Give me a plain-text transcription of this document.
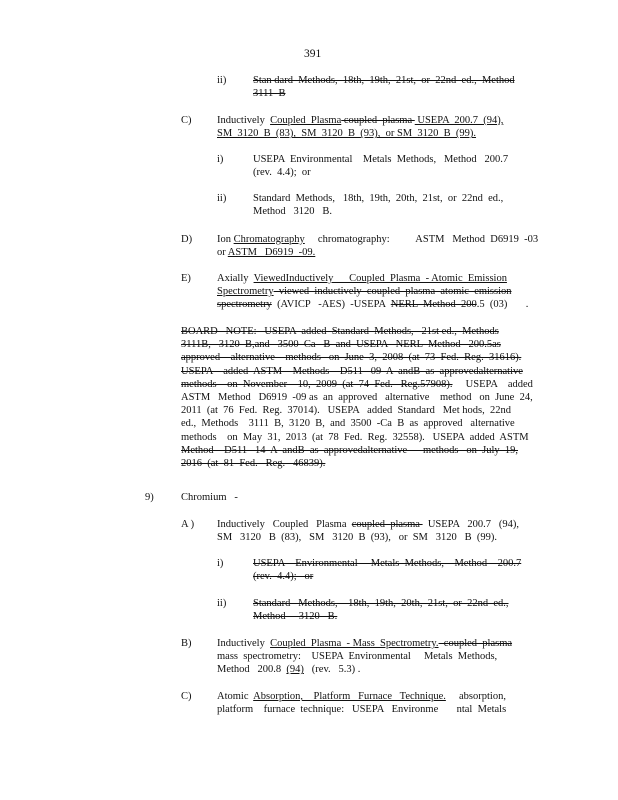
391
ii)	Stan dard  Methods,  18th,  19th,  21st,  or  22nd  ed.,  Method
3111  B
C) Inductively  Coupled  Plasma coupled  plasma  USEPA  200.7  (94),
SM  3120  B  (83),  SM  3120  B  (93),  or SM  3120  B  (99).
i)	USEPA  Environmental    Metals  Methods,   Method   200.7
(rev.  4.4);  or
ii)	Standard  Methods,   18th,  19th,  20th,  21st,  or  22nd  ed.,
Method   3120   B.
D) Ion Chromatography     chromatography:          ASTM   Method  D6919  -03
or ASTM   D6919  -09.
E) Axially  ViewedInductively      Coupled  Plasma  - Atomic  Emission
Spectrometry  viewed  inductively  coupled  plasma  atomic  emission
spectrometry  (AVICP   -AES)  -USEPA  NERL  Method  200.5  (03)       .
BOARD   NOTE:   USEPA  added  Standard  Methods,   21st ed.,  Methods
3111B,   3120  B,and   3500  Ca   B  and  USEPA   NERL  Method   200.5as
approved    alternative    methods   on  June  3,  2008  (at  73  Fed.  Reg.  31616).
USEPA    added  ASTM    Methods    D511   09  A  andB  as  approvedalternative
methods    on  November    10,  2009  (at  74  Fed.   Reg.57908).     USEPA    added
ASTM   Method   D6919  -09 as  an  approved   alternative    method   on  June  24,
2011  (at  76  Fed.  Reg.  37014).   USEPA   added  Standard   Met hods,  22nd
ed.,  Methods    3111  B,  3120  B,  and  3500  -Ca  B  as  approved   alternative
methods    on  May  31,  2013  (at  78  Fed.  Reg.  32558).   USEPA  added  ASTM
Method    D511   14  A  andB  as  approvedalternative      methods   on  July  19,
2016  (at  81  Fed.   Reg.   46839).
9)	Chromium   -
A ) Inductively   Coupled   Plasma  coupled  plasma   USEPA   200.7   (94),
SM   3120   B  (83),   SM   3120  B  (93),   or  SM   3120   B  (99).
i)	USEPA    Environmental     Metals  Methods,    Method    200.7
(rev.  4.4);   or
ii)	Standard   Methods,    18th,  19th,  20th,  21st,  or  22nd  ed.,
Method     3120   B.
B) Inductively  Coupled  Plasma  - Mass  Spectrometry.  coupled  plasma
mass  spectrometry:    USEPA  Environmental     Metals  Methods,
Method   200.8  (94)   (rev.   5.3) .
C) Atomic  Absorption,    Platform   Furnace   Technique.     absorption,
platform    furnace  technique:   USEPA   Environme       ntal  Metals
